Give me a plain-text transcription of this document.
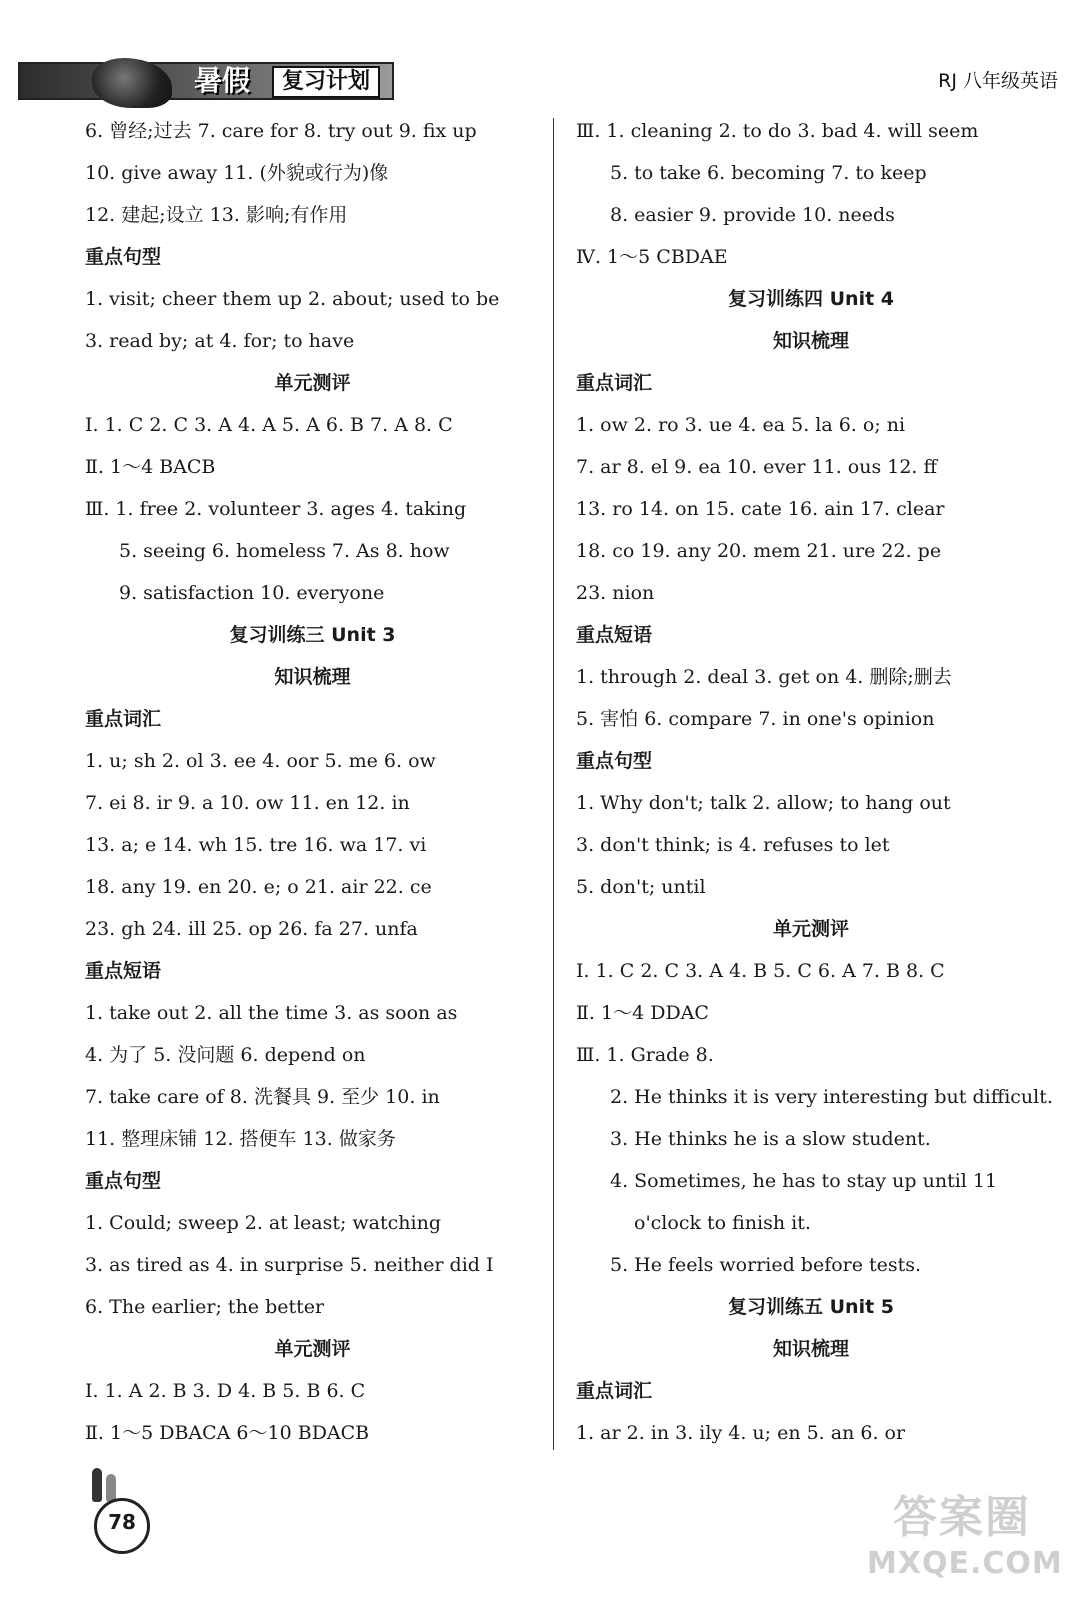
暑假	复习计划	RJ 八年级英语
6. 曾经;过去 7. care for 8. try out 9. fix up
10. give away 11. (外貌或行为)像
12. 建起;设立 13. 影响;有作用
重点句型
1. visit; cheer them up 2. about; used to be
3. read by; at 4. for; to have
单元测评
Ⅰ. 1. C 2. C 3. A 4. A 5. A 6. B 7. A 8. C
Ⅱ. 1～4 BACB
Ⅲ. 1. free 2. volunteer 3. ages 4. taking
5. seeing 6. homeless 7. As 8. how
9. satisfaction 10. everyone
复习训练三 Unit 3
知识梳理
重点词汇
1. u; sh 2. ol 3. ee 4. oor 5. me 6. ow
7. ei 8. ir 9. a 10. ow 11. en 12. in
13. a; e 14. wh 15. tre 16. wa 17. vi
18. any 19. en 20. e; o 21. air 22. ce
23. gh 24. ill 25. op 26. fa 27. unfa
重点短语
1. take out 2. all the time 3. as soon as
4. 为了 5. 没问题 6. depend on
7. take care of 8. 洗餐具 9. 至少 10. in
11. 整理床铺 12. 搭便车 13. 做家务
重点句型
1. Could; sweep 2. at least; watching
3. as tired as 4. in surprise 5. neither did I
6. The earlier; the better
单元测评
Ⅰ. 1. A 2. B 3. D 4. B 5. B 6. C
Ⅱ. 1～5 DBACA 6～10 BDACB
Ⅲ. 1. cleaning 2. to do 3. bad 4. will seem
5. to take 6. becoming 7. to keep
8. easier 9. provide 10. needs
Ⅳ. 1～5 CBDAE
复习训练四 Unit 4
知识梳理
重点词汇
1. ow 2. ro 3. ue 4. ea 5. la 6. o; ni
7. ar 8. el 9. ea 10. ever 11. ous 12. ff
13. ro 14. on 15. cate 16. ain 17. clear
18. co 19. any 20. mem 21. ure 22. pe
23. nion
重点短语
1. through 2. deal 3. get on 4. 删除;删去
5. 害怕 6. compare 7. in one's opinion
重点句型
1. Why don't; talk 2. allow; to hang out
3. don't think; is 4. refuses to let
5. don't; until
单元测评
Ⅰ. 1. C 2. C 3. A 4. B 5. C 6. A 7. B 8. C
Ⅱ. 1～4 DDAC
Ⅲ. 1. Grade 8.
2. He thinks it is very interesting but difficult.
3. He thinks he is a slow student.
4. Sometimes, he has to stay up until 11
o'clock to finish it.
5. He feels worried before tests.
复习训练五 Unit 5
知识梳理
重点词汇
1. ar 2. in 3. ily 4. u; en 5. an 6. or
78	答案圈
MXQE.COM
